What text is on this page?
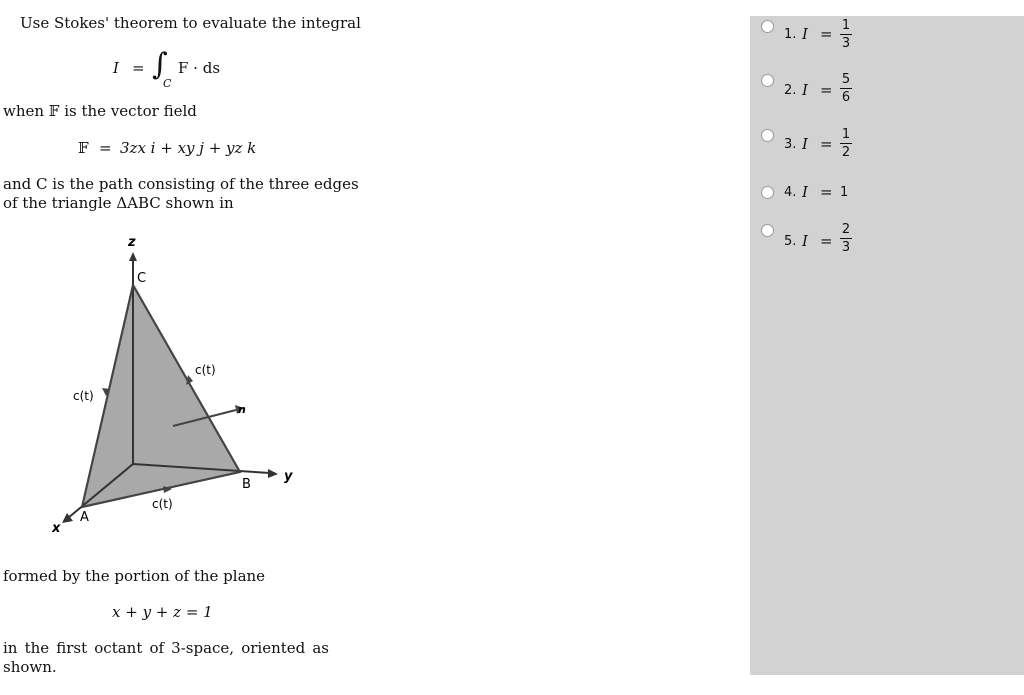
Use Stokes' theorem to evaluate the integral
I = ∫
C
F · ds
when 𝔽 is the vector field
𝔽 = 3zx i + xy j + yz k
and C is the path consisting of the three edges
of the triangle ΔABC shown in
z
C
c(t)
c(t)
n
B
y
c(t)
A
x
formed by the portion of the plane
x + y + z = 1
in the first octant of 3-space, oriented as shown.
1. I = 1
3
2. I =
5
6
3. I =
1
2
4. I = 1
5. I =
2
3
